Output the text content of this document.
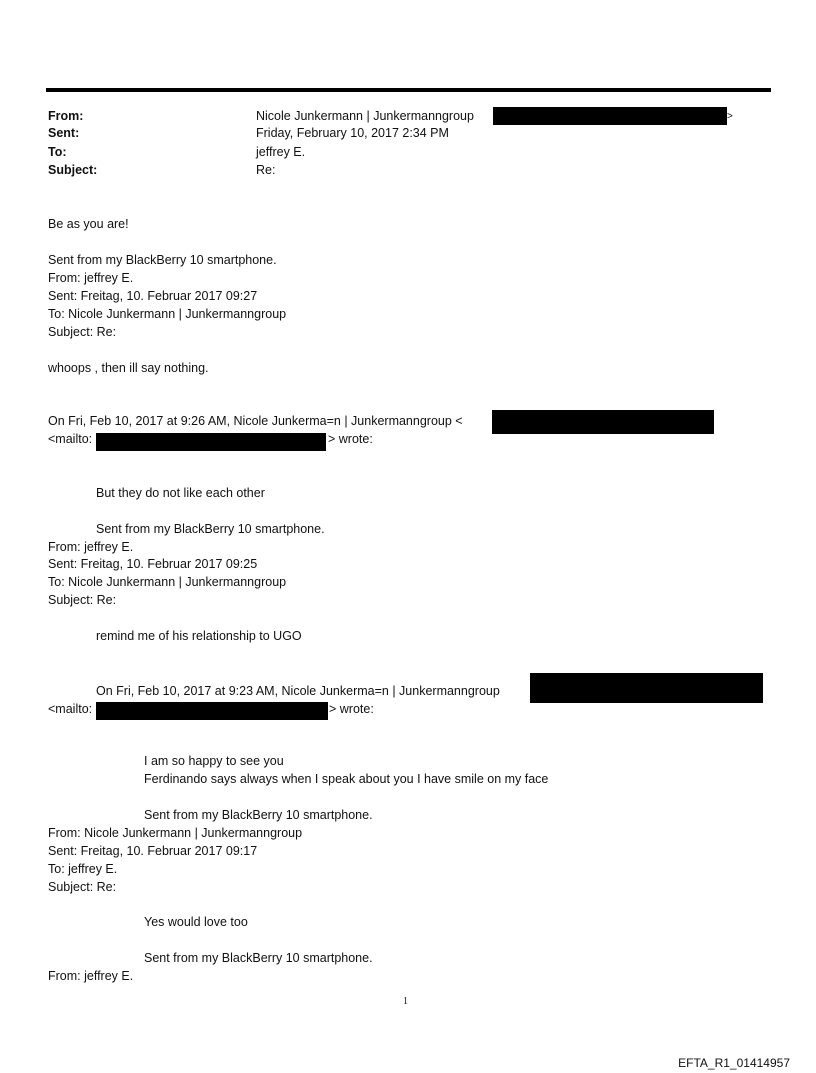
From:	Nicole Junkermann | Junkermanngroup	>
Sent:	Friday, February 10, 2017 2:34 PM
To:	jeffrey E.
Subject:	Re:
Be as you are!
Sent from my BlackBerry 10 smartphone.
From: jeffrey E.
Sent: Freitag, 10. Februar 2017 09:27
To: Nicole Junkermann | Junkermanngroup
Subject: Re:
whoops , then ill say nothing.
On Fri, Feb 10, 2017 at 9:26 AM, Nicole Junkerma=n | Junkermanngroup <
<mailto:	> wrote:
But they do not like each other
Sent from my BlackBerry 10 smartphone.
From: jeffrey E.
Sent: Freitag, 10. Februar 2017 09:25
To: Nicole Junkermann | Junkermanngroup
Subject: Re:
remind me of his relationship to UGO
On Fri, Feb 10, 2017 at 9:23 AM, Nicole Junkerma=n | Junkermanngroup
<mailto:	> wrote:
I am so happy to see you
Ferdinando says always when I speak about you I have smile on my face
Sent from my BlackBerry 10 smartphone.
From: Nicole Junkermann | Junkermanngroup
Sent: Freitag, 10. Februar 2017 09:17
To: jeffrey E.
Subject: Re:
Yes would love too
Sent from my BlackBerry 10 smartphone.
From: jeffrey E.
1
EFTA_R1_01414957
